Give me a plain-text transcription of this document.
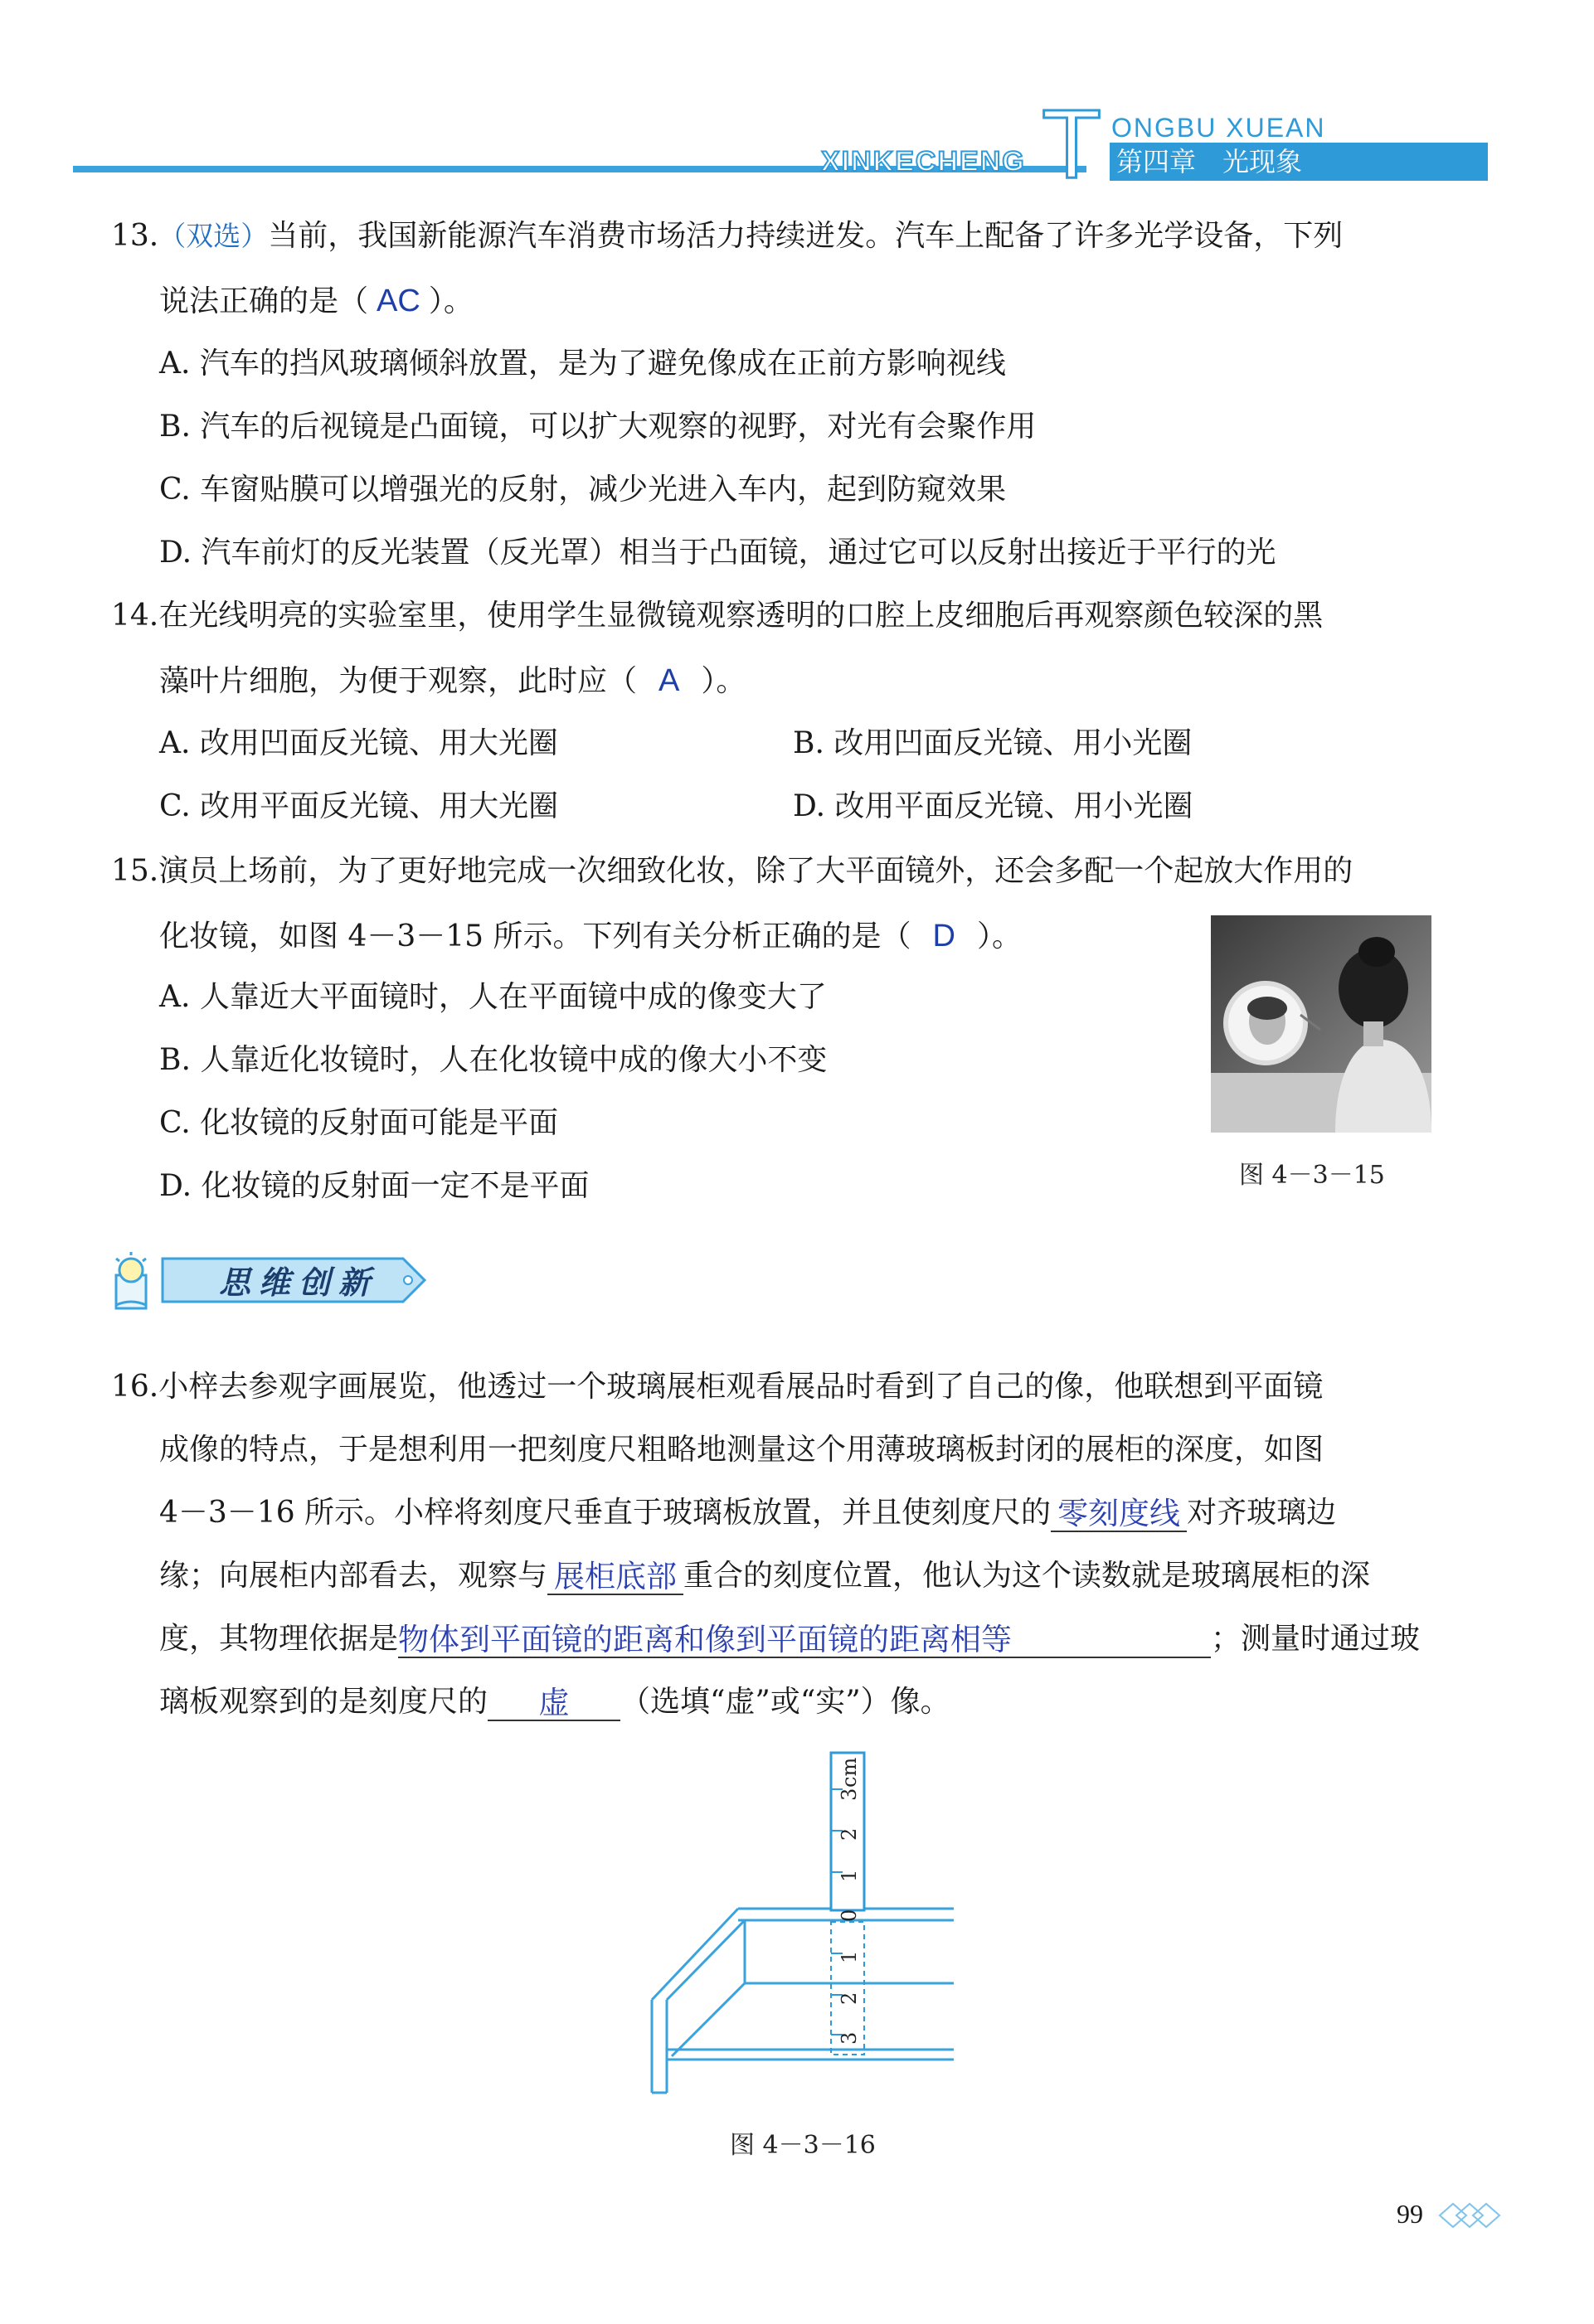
T ONGBU XUEAN
XINKECHENG	第四章　光现象
13.（双选）当前，我国新能源汽车消费市场活力持续迸发。汽车上配备了许多光学设备，下列
说法正确的是（ AC ）。
A. 汽车的挡风玻璃倾斜放置，是为了避免像成在正前方影响视线
B. 汽车的后视镜是凸面镜，可以扩大观察的视野，对光有会聚作用
C. 车窗贴膜可以增强光的反射，减少光进入车内，起到防窥效果
D. 汽车前灯的反光装置（反光罩）相当于凸面镜，通过它可以反射出接近于平行的光
14.在光线明亮的实验室里，使用学生显微镜观察透明的口腔上皮细胞后再观察颜色较深的黑
藻叶片细胞，为便于观察，此时应（ A ）。
A. 改用凹面反光镜、用大光圈	B. 改用凹面反光镜、用小光圈
C. 改用平面反光镜、用大光圈	D. 改用平面反光镜、用小光圈
15.演员上场前，为了更好地完成一次细致化妆，除了大平面镜外，还会多配一个起放大作用的
化妆镜，如图 4－3－15 所示。下列有关分析正确的是（ D ）。
A. 人靠近大平面镜时，人在平面镜中成的像变大了
B. 人靠近化妆镜时，人在化妆镜中成的像大小不变
C. 化妆镜的反射面可能是平面
D. 化妆镜的反射面一定不是平面	图 4－3－15
思维创新
16.小梓去参观字画展览，他透过一个玻璃展柜观看展品时看到了自己的像，他联想到平面镜
成像的特点，于是想利用一把刻度尺粗略地测量这个用薄玻璃板封闭的展柜的深度，如图
4－3－16 所示。小梓将刻度尺垂直于玻璃板放置，并且使刻度尺的 零刻度线 对齐玻璃边
缘；向展柜内部看去，观察与 展柜底部 重合的刻度位置，他认为这个读数就是玻璃展柜的深
度，其物理依据是物体到平面镜的距离和像到平面镜的距离相等	；测量时通过玻
璃板观察到的是刻度尺的 虚 （选填“虚”或“实”）像。
cm
3
2
1
0
1
2
3
图 4－3－16
99
